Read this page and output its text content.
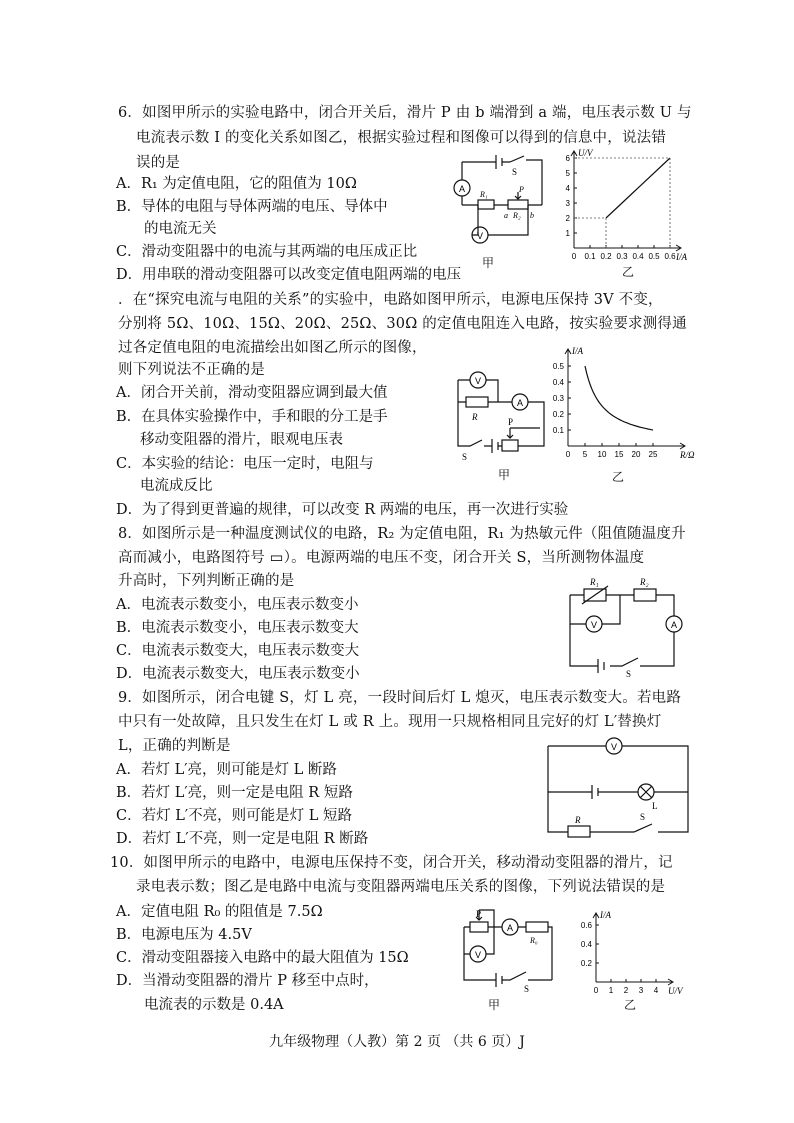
6．如图甲所示的实验电路中，闭合开关后，滑片 P 由 b 端滑到 a 端，电压表示数 U 与
电流表示数 I 的变化关系如图乙，根据实验过程和图像可以得到的信息中，说法错
误的是
A．R₁ 为定值电阻，它的阻值为 10Ω
B．导体的电阻与导体两端的电压、导体中
的电流无关
C．滑动变阻器中的电流与其两端的电压成正比
D．用串联的滑动变阻器可以改变定值电阻两端的电压
A
S
R₁
P
a R₂ b
V
甲
U/V
I/A
1
2
3
4
5
6
0 0.1 0.2 0.3 0.4 0.5 0.6
乙
．在“探究电流与电阻的关系”的实验中，电路如图甲所示，电源电压保持 3V 不变，
分别将 5Ω、10Ω、15Ω、20Ω、25Ω、30Ω 的定值电阻连入电路，按实验要求测得通
过各定值电阻的电流描绘出如图乙所示的图像，
则下列说法不正确的是
A．闭合开关前，滑动变阻器应调到最大值
B．在具体实验操作中，手和眼的分工是手
移动变阻器的滑片，眼观电压表
C．本实验的结论：电压一定时，电阻与
电流成反比
D．为了得到更普遍的规律，可以改变 R 两端的电压，再一次进行实验
V
R
A
P
S
甲
I/A
R/Ω
0.1
0.2
0.3
0.4
0.5
0 5 10 15 20 25
乙
8．如图所示是一种温度测试仪的电路，R₂ 为定值电阻，R₁ 为热敏元件（阻值随温度升
高而减小，电路图符号 ▭）。电源两端的电压不变，闭合开关 S，当所测物体温度
升高时，下列判断正确的是
A．电流表示数变小，电压表示数变小
B．电流表示数变小，电压表示数变大
C．电流表示数变大，电压表示数变大
D．电流表示数变大，电压表示数变小
R₁	R₂
V	A
S
9．如图所示，闭合电键 S，灯 L 亮，一段时间后灯 L 熄灭，电压表示数变大。若电路
中只有一处故障，且只发生在灯 L 或 R 上。现用一只规格相同且完好的灯 L′替换灯
L，正确的判断是
A．若灯 L′亮，则可能是灯 L 断路
B．若灯 L′亮，则一定是电阻 R 短路
C．若灯 L′不亮，则可能是灯 L 短路
D．若灯 L′不亮，则一定是电阻 R 断路
V
L
R	S
10．如图甲所示的电路中，电源电压保持不变，闭合开关，移动滑动变阻器的滑片，记
录电表示数；图乙是电路中电流与变阻器两端电压关系的图像，下列说法错误的是
A．定值电阻 R₀ 的阻值是 7.5Ω
B．电源电压为 4.5V
C．滑动变阻器接入电路中的最大阻值为 15Ω
D．当滑动变阻器的滑片 P 移至中点时，
电流表的示数是 0.4A
P
A
R₀
V
S
甲
I/A
U/V
0.2
0.4
0.6
0 1 2 3 4
乙
九年级物理（人教）第 2 页 （共 6 页）J
